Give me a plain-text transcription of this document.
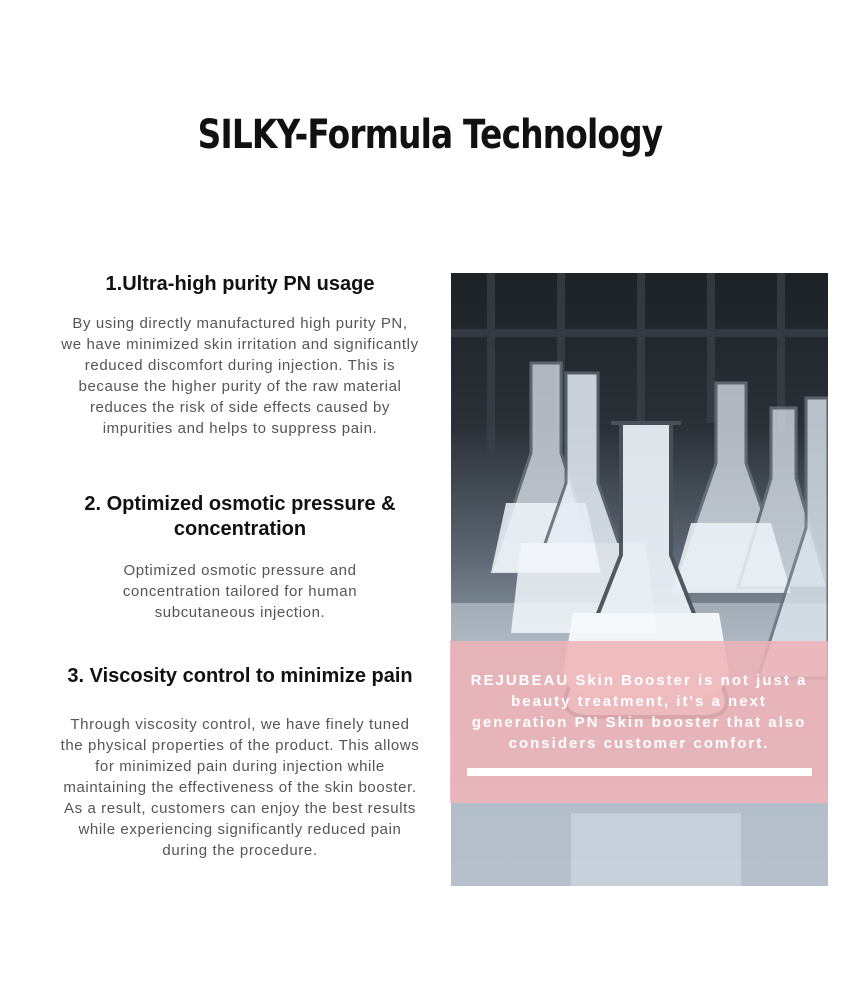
SILKY-Formula Technology
1.Ultra-high purity PN usage

By using directly manufactured high purity PN, we have minimized skin irritation and significantly reduced discomfort during injection. This is because the higher purity of the raw material reduces the risk of side effects caused by impurities and helps to suppress pain.

2. Optimized osmotic pressure & concentration

Optimized osmotic pressure and concentration tailored for human subcutaneous injection.

3. Viscosity control to minimize pain

Through viscosity control, we have finely tuned the physical properties of the product. This allows for minimized pain during injection while maintaining the effectiveness of the skin booster. As a result, customers can enjoy the best results while experiencing significantly reduced pain during the procedure.

REJUBEAU Skin Booster is not just a beauty treatment, it's a next generation PN Skin booster that also considers customer comfort.
